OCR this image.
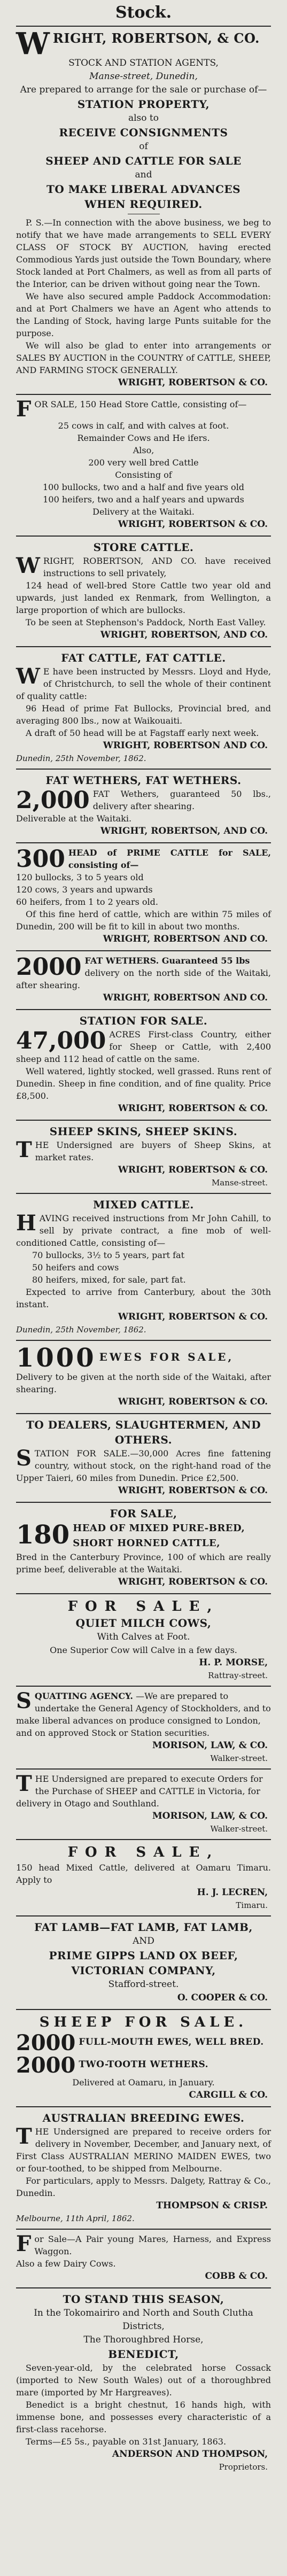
Stock.
W RIGHT, ROBERTSON, & CO.
STOCK AND STATION AGENTS,
Manse-street, Dunedin,
Are prepared to arrange for the sale or purchase of—
STATION PROPERTY,
also to
RECEIVE CONSIGNMENTS
of
SHEEP AND CATTLE FOR SALE
and
TO MAKE LIBERAL ADVANCES
WHEN REQUIRED.

P. S.—In connection with the above business, we beg to notify that we have made arrangements to SELL EVERY CLASS OF STOCK BY AUCTION, having erected Commodious Yards just outside the Town Boundary, where Stock landed at Port Chalmers, as well as from all parts of the Interior, can be driven without going near the Town.

We have also secured ample Paddock Accommodation: and at Port Chalmers we have an Agent who attends to the Landing of Stock, having large Punts suitable for the purpose.

We will also be glad to enter into arrangements or SALES BY AUCTION in the COUNTRY of CATTLE, SHEEP, AND FARMING STOCK GENERALLY.

WRIGHT, ROBERTSON & CO.
F OR SALE, 150 Head Store Cattle, consisting of—
25 cows in calf, and with calves at foot.
Remainder Cows and He ifers.
Also,
200 very well bred Cattle
Consisting of
100 bullocks, two and a half and five years old
100 heifers, two and a half years and upwards
Delivery at the Waitaki.
WRIGHT, ROBERTSON & CO.
STORE CATTLE.
W RIGHT, ROBERTSON, AND CO. have received instructions to sell privately,

124 head of well-bred Store Cattle two year old and upwards, just landed ex Renmark, from Wellington, a large proportion of which are bullocks.

To be seen at Stephenson's Paddock, North East Valley.

WRIGHT, ROBERTSON, AND CO.
FAT CATTLE, FAT CATTLE.
W E have been instructed by Messrs. Lloyd and Hyde, of Christchurch, to sell the whole of their continent of quality cattle:

96 Head of prime Fat Bullocks, Provincial bred, and averaging 800 lbs., now at Waikouaiti.

A draft of 50 head will be at Fagstaff early next week.

WRIGHT, ROBERTSON AND CO.
Dunedin, 25th November, 1862.
FAT WETHERS, FAT WETHERS.
2,000 FAT Wethers, guaranteed 50 lbs., delivery after shearing.
Deliverable at the Waitaki.
WRIGHT, ROBERTSON, AND CO.
300 HEAD of PRIME CATTLE for SALE, consisting of—
120 bullocks, 3 to 5 years old
120 cows, 3 years and upwards
60 heifers, from 1 to 2 years old.

Of this fine herd of cattle, which are within 75 miles of Dunedin, 200 will be fit to kill in about two months.

WRIGHT, ROBERTSON AND CO.
2000 FAT WETHERS. Guaranteed 55 lbs
delivery on the north side of the Waitaki, after shearing.
WRIGHT, ROBERTSON AND CO.
STATION FOR SALE.
47,000 ACRES First-class Country, either for Sheep or Cattle, with 2,400 sheep and 112 head of cattle on the same.

Well watered, lightly stocked, well grassed. Runs rent of Dunedin. Sheep in fine condition, and of fine quality. Price £8,500.

WRIGHT, ROBERTSON & CO.
SHEEP SKINS, SHEEP SKINS.
T HE Undersigned are buyers of Sheep Skins, at market rates.
WRIGHT, ROBERTSON & CO.
Manse-street.
MIXED CATTLE.
H AVING received instructions from Mr John Cahill, to sell by private contract, a fine mob of well-conditioned Cattle, consisting of—
70 bullocks, 3½ to 5 years, part fat
50 heifers and cows
80 heifers, mixed, for sale, part fat.

Expected to arrive from Canterbury, about the 30th instant.

WRIGHT, ROBERTSON & CO.
Dunedin, 25th November, 1862.
1000 EWES FOR SALE,
Delivery to be given at the north side of the Waitaki, after shearing.
WRIGHT, ROBERTSON & CO.
TO DEALERS, SLAUGHTERMEN, AND OTHERS.
S TATION FOR SALE.—30,000 Acres fine fattening country, without stock, on the right-hand road of the Upper Taieri, 60 miles from Dunedin. Price £2,500.
WRIGHT, ROBERTSON & CO.
FOR SALE,
180 HEAD OF MIXED PURE-BRED, SHORT HORNED CATTLE,
Bred in the Canterbury Province, 100 of which are really prime beef, deliverable at the Waitaki.
WRIGHT, ROBERTSON & CO.
FOR SALE,
QUIET MILCH COWS,
With Calves at Foot.
One Superior Cow will Calve in a few days.
H. P. MORSE,
Rattray-street.
S QUATTING AGENCY. —We are prepared to undertake the General Agency of Stockholders, and to make liberal advances on produce consigned to London, and on approved Stock or Station securities.
MORISON, LAW, & CO.
Walker-street.
T HE Undersigned are prepared to execute Orders for the Purchase of SHEEP and CATTLE in Victoria, for delivery in Otago and Southland.
MORISON, LAW, & CO.
Walker-street.
FOR SALE,
150 head Mixed Cattle, delivered at Oamaru Timaru. Apply to
H. J. LECREN,
Timaru.
FAT LAMB—FAT LAMB, FAT LAMB,
AND
PRIME GIPPS LAND OX BEEF,
VICTORIAN COMPANY,
Stafford-street.
O. COOPER & CO.
SHEEP FOR SALE.
2000 FULL-MOUTH EWES, WELL BRED.
2000 TWO-TOOTH WETHERS.
Delivered at Oamaru, in January.
CARGILL & CO.
AUSTRALIAN BREEDING EWES.
T HE Undersigned are prepared to receive orders for delivery in November, December, and January next, of First Class AUSTRALIAN MERINO MAIDEN EWES, two or four-toothed, to be shipped from Melbourne.

For particulars, apply to Messrs. Dalgety, Rattray & Co., Dunedin.

THOMPSON & CRISP.
Melbourne, 11th April, 1862.
F or Sale—A Pair young Mares, Harness, and Express Waggon.
Also a few Dairy Cows.
COBB & CO.
TO STAND THIS SEASON,
In the Tokomairiro and North and South Clutha Districts,
The Thoroughbred Horse,
BENEDICT,

Seven-year-old, by the celebrated horse Cossack (imported to New South Wales) out of a thoroughbred mare (imported by Mr Hargreaves).

Benedict is a bright chestnut, 16 hands high, with immense bone, and possesses every characteristic of a first-class racehorse.

Terms—£5 5s., payable on 31st January, 1863.

ANDERSON AND THOMPSON,
Proprietors.
